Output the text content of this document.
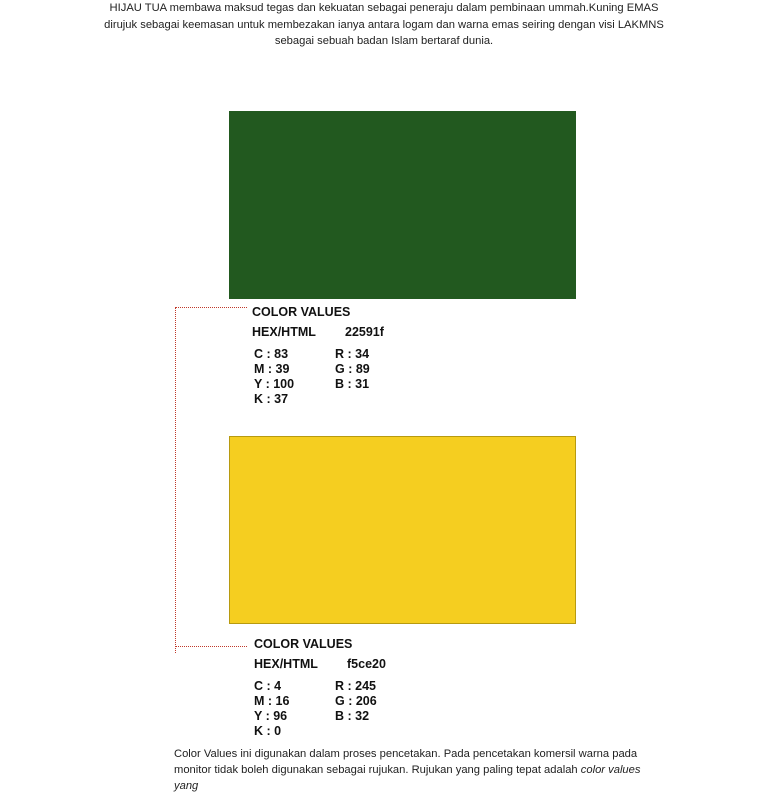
HIJAU TUA membawa maksud tegas dan kekuatan sebagai peneraju dalam pembinaan ummah.Kuning EMAS dirujuk sebagai keemasan untuk membezakan ianya antara logam dan warna emas seiring dengan visi LAKMNS sebagai sebuah badan Islam bertaraf dunia.
COLOR VALUES
HEX/HTML 22591f
C : 83
M : 39
Y : 100
K : 37
R : 34
G : 89
B : 31
COLOR VALUES
HEX/HTML f5ce20
C : 4
M : 16
Y : 96
K : 0
R : 245
G : 206
B : 32
Color Values ini digunakan dalam proses pencetakan. Pada pencetakan komersil warna pada
monitor tidak boleh digunakan sebagai rujukan. Rujukan yang paling tepat adalah color values yang
